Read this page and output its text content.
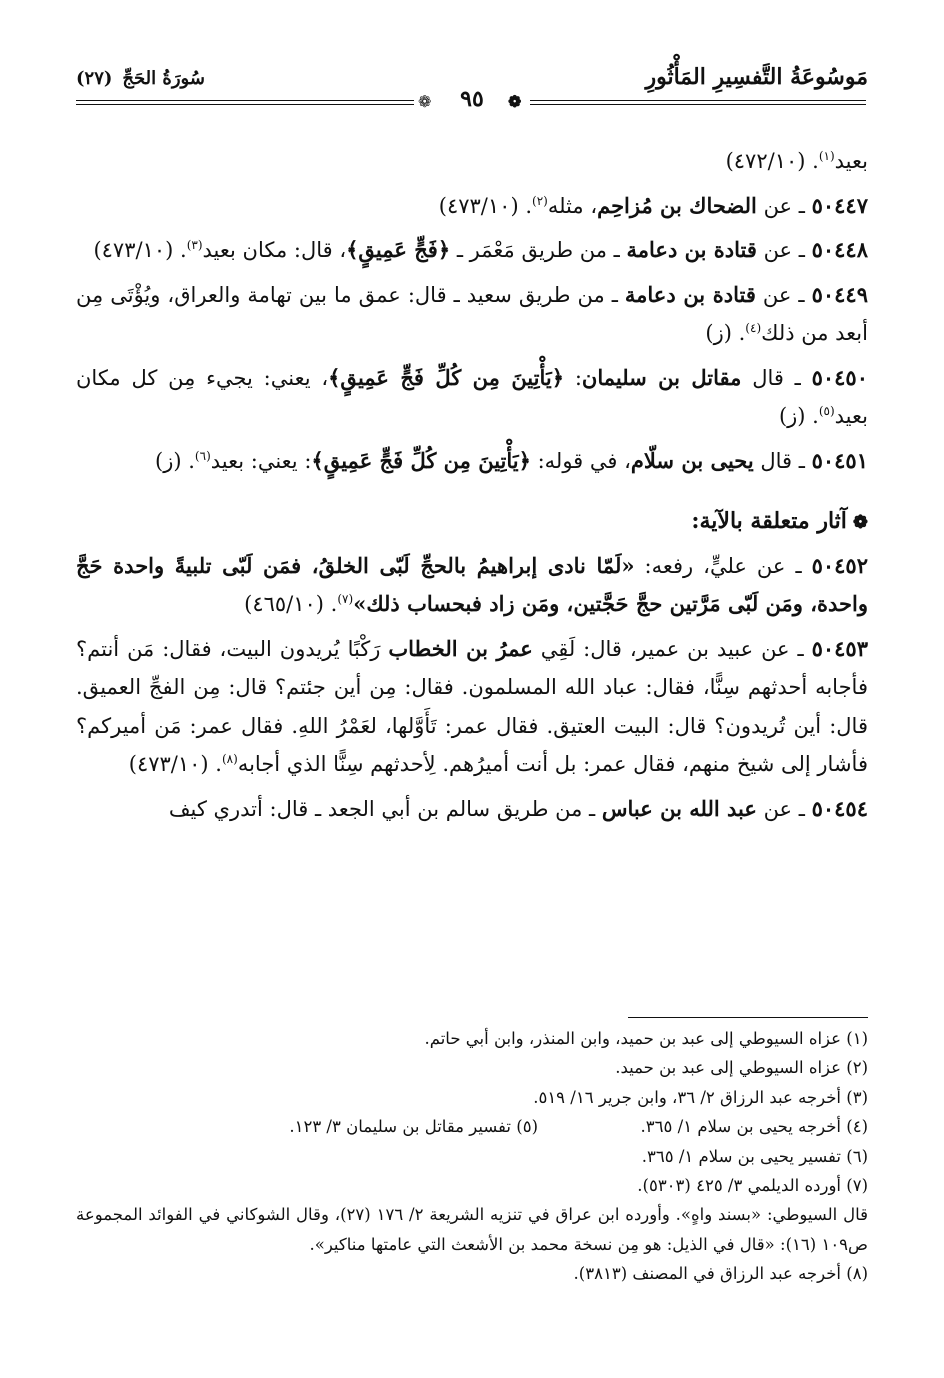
مَوسُوعَةُ التَّفسِيرِ المَأْثُورِ
سُورَةُ الحَجِّ
(٢٧)
❁	❁
٩٥
بعيد$^{(١)}$. (٤٧٢/١٠)
٥٠٤٤٧ ـ عن الضحاك بن مُزاحِم، مثله$^{(٢)}$. (٤٧٣/١٠)
٥٠٤٤٨ ـ عن قتادة بن دعامة ـ من طريق مَعْمَر ـ ﴿فَجٍّ عَمِيقٍ﴾، قال: مكان بعيد$^{(٣)}$. (٤٧٣/١٠)
٥٠٤٤٩ ـ عن قتادة بن دعامة ـ من طريق سعيد ـ قال: عمق ما بين تهامة والعراق، ويُؤْتَى مِن أبعد من ذلك$^{(٤)}$. (ز)
٥٠٤٥٠ ـ قال مقاتل بن سليمان: ﴿يَأْتِينَ مِن كُلِّ فَجٍّ عَمِيقٍ﴾، يعني: يجيء مِن كل مكان بعيد$^{(٥)}$. (ز)
٥٠٤٥١ ـ قال يحيى بن سلّام، في قوله: ﴿يَأْتِينَ مِن كُلِّ فَجٍّ عَمِيقٍ﴾: يعني: بعيد$^{(٦)}$. (ز)
❁آثار متعلقة بالآية:
٥٠٤٥٢ ـ عن عليٍّ، رفعه: «لَمّا نادى إبراهيمُ بالحجِّ لَبّى الخلقُ، فمَن لَبّى تلبيةً واحدة حَجَّ واحدة، ومَن لَبّى مَرَّتين حجَّ حَجَّتين، ومَن زاد فبحساب ذلك»$^{(٧)}$. (٤٦٥/١٠)
٥٠٤٥٣ ـ عن عبيد بن عمير، قال: لَقِي عمرُ بن الخطاب رَكْبًا يُريدون البيت، فقال: مَن أنتم؟ فأجابه أحدثهم سِنًّا، فقال: عباد الله المسلمون. فقال: مِن أين جئتم؟ قال: مِن الفجِّ العميق. قال: أين تُريدون؟ قال: البيت العتيق. فقال عمر: تَأَوَّلها، لعَمْرُ اللهِ. فقال عمر: مَن أميركم؟ فأشار إلى شيخ منهم، فقال عمر: بل أنت أميرُهم. لِأحدثهم سِنًّا الذي أجابه$^{(٨)}$. (٤٧٣/١٠)
٥٠٤٥٤ ـ عن عبد الله بن عباس ـ من طريق سالم بن أبي الجعد ـ قال: أتدري كيف
(١) عزاه السيوطي إلى عبد بن حميد، وابن المنذر، وابن أبي حاتم.
(٢) عزاه السيوطي إلى عبد بن حميد.
(٣) أخرجه عبد الرزاق ٢/ ٣٦، وابن جرير ١٦/ ٥١٩.
(٤) أخرجه يحيى بن سلام ١/ ٣٦٥.
(٥) تفسير مقاتل بن سليمان ٣/ ١٢٣.
(٦) تفسير يحيى بن سلام ١/ ٣٦٥.
(٧) أورده الديلمي ٣/ ٤٢٥ (٥٣٠٣).
قال السيوطي: «بسند واهٍ». وأورده ابن عراق في تنزيه الشريعة ٢/ ١٧٦ (٢٧)، وقال الشوكاني في الفوائد المجموعة ص١٠٩ (١٦): «قال في الذيل: هو مِن نسخة محمد بن الأشعث التي عامتها مناكير».
(٨) أخرجه عبد الرزاق في المصنف (٣٨١٣).
